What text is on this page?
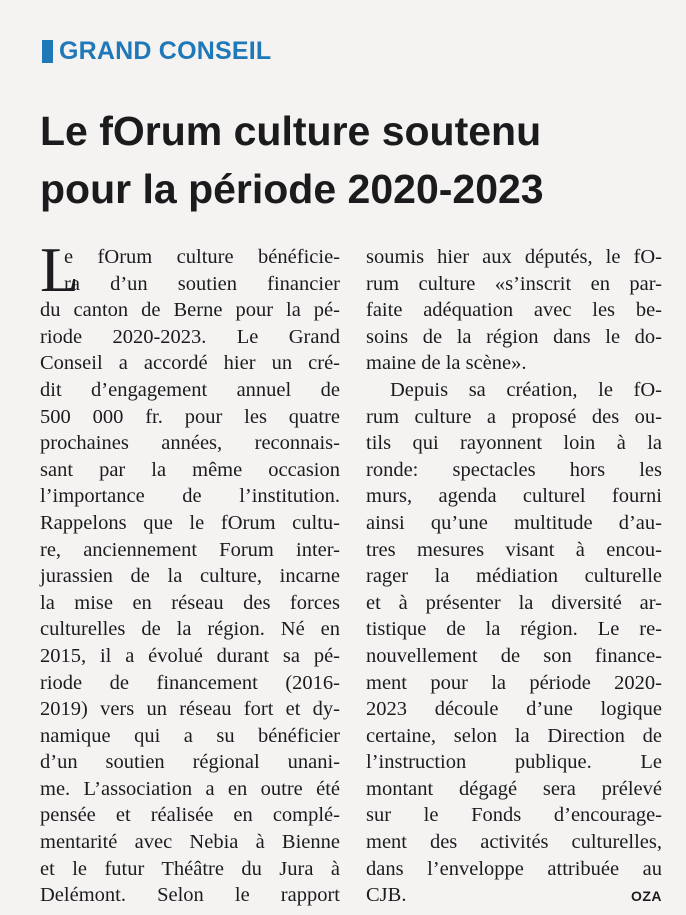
GRAND CONSEIL
Le fOrum culture soutenu
pour la période 2020-2023
L
e fOrum culture bénéficie-
ra d’un soutien financier
du canton de Berne pour la pé-
riode 2020-2023. Le Grand
Conseil a accordé hier un cré-
dit d’engagement annuel de
500 000 fr. pour les quatre
prochaines années, reconnais-
sant par la même occasion
l’importance de l’institution.
Rappelons que le fOrum cultu-
re, anciennement Forum inter-
jurassien de la culture, incarne
la mise en réseau des forces
culturelles de la région. Né en
2015, il a évolué durant sa pé-
riode de financement (2016-
2019) vers un réseau fort et dy-
namique qui a su bénéficier
d’un soutien régional unani-
me. L’association a en outre été
pensée et réalisée en complé-
mentarité avec Nebia à Bienne
et le futur Théâtre du Jura à
Delémont. Selon le rapport
soumis hier aux députés, le fO-
rum culture «s’inscrit en par-
faite adéquation avec les be-
soins de la région dans le do-
maine de la scène».
Depuis sa création, le fO-
rum culture a proposé des ou-
tils qui rayonnent loin à la
ronde: spectacles hors les
murs, agenda culturel fourni
ainsi qu’une multitude d’au-
tres mesures visant à encou-
rager la médiation culturelle
et à présenter la diversité ar-
tistique de la région. Le re-
nouvellement de son finance-
ment pour la période 2020-
2023 découle d’une logique
certaine, selon la Direction de
l’instruction publique. Le
montant dégagé sera prélevé
sur le Fonds d’encourage-
ment des activités culturelles,
dans l’enveloppe attribuée au
CJB.	OZA
